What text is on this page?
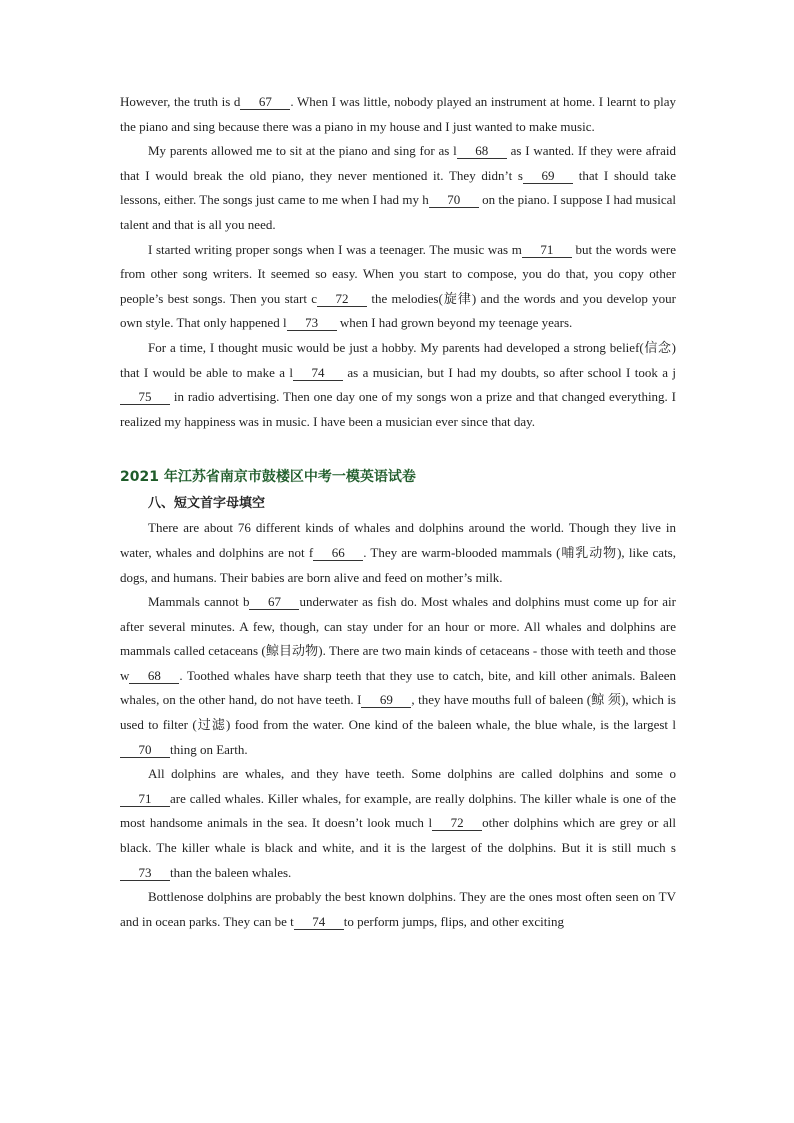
However, the truth is d 67 . When I was little, nobody played an instrument at home. I learnt to play the piano and sing because there was a piano in my house and I just wanted to make music.

My parents allowed me to sit at the piano and sing for as l 68 as I wanted. If they were afraid that I would break the old piano, they never mentioned it. They didn’t s 69 that I should take lessons, either. The songs just came to me when I had my h 70 on the piano. I suppose I had musical talent and that is all you need.

I started writing proper songs when I was a teenager. The music was m 71 but the words were from other song writers. It seemed so easy. When you start to compose, you do that, you copy other people’s best songs. Then you start c 72 the melodies(旋律) and the words and you develop your own style. That only happened l 73 when I had grown beyond my teenage years.

For a time, I thought music would be just a hobby. My parents had developed a strong belief(信念) that I would be able to make a l 74 as a musician, but I had my doubts, so after school I took a j75 in radio advertising. Then one day one of my songs won a prize and that changed everything. I realized my happiness was in music. I have been a musician ever since that day.

2021 年江苏省南京市鼓楼区中考一模英语试卷
八、短文首字母填空

There are about 76 different kinds of whales and dolphins around the world. Though they live in water, whales and dolphins are not f 66 . They are warm-blooded mammals (哺乳动物), like cats, dogs, and humans. Their babies are born alive and feed on mother’s milk.

Mammals cannot b 67 underwater as fish do. Most whales and dolphins must come up for air after several minutes. A few, though, can stay under for an hour or more. All whales and dolphins are mammals called cetaceans (鲸目动物). There are two main kinds of cetaceans - those with teeth and those w 68 . Toothed whales have sharp teeth that they use to catch, bite, and kill other animals. Baleen whales, on the other hand, do not have teeth. I 69 , they have mouths full of baleen (鲸 须), which is used to filter (过滤) food from the water. One kind of the baleen whale, the blue whale, is the largest l70 thing on Earth.

All dolphins are whales, and they have teeth. Some dolphins are called dolphins and some o71 are called whales. Killer whales, for example, are really dolphins. The killer whale is one of the most handsome animals in the sea. It doesn’t look much l 72 other dolphins which are grey or all black. The killer whale is black and white, and it is the largest of the dolphins. But it is still much s73 than the baleen whales.

Bottlenose dolphins are probably the best known dolphins. They are the ones most often seen on TV and in ocean parks. They can be t 74 to perform jumps, flips, and other exciting
